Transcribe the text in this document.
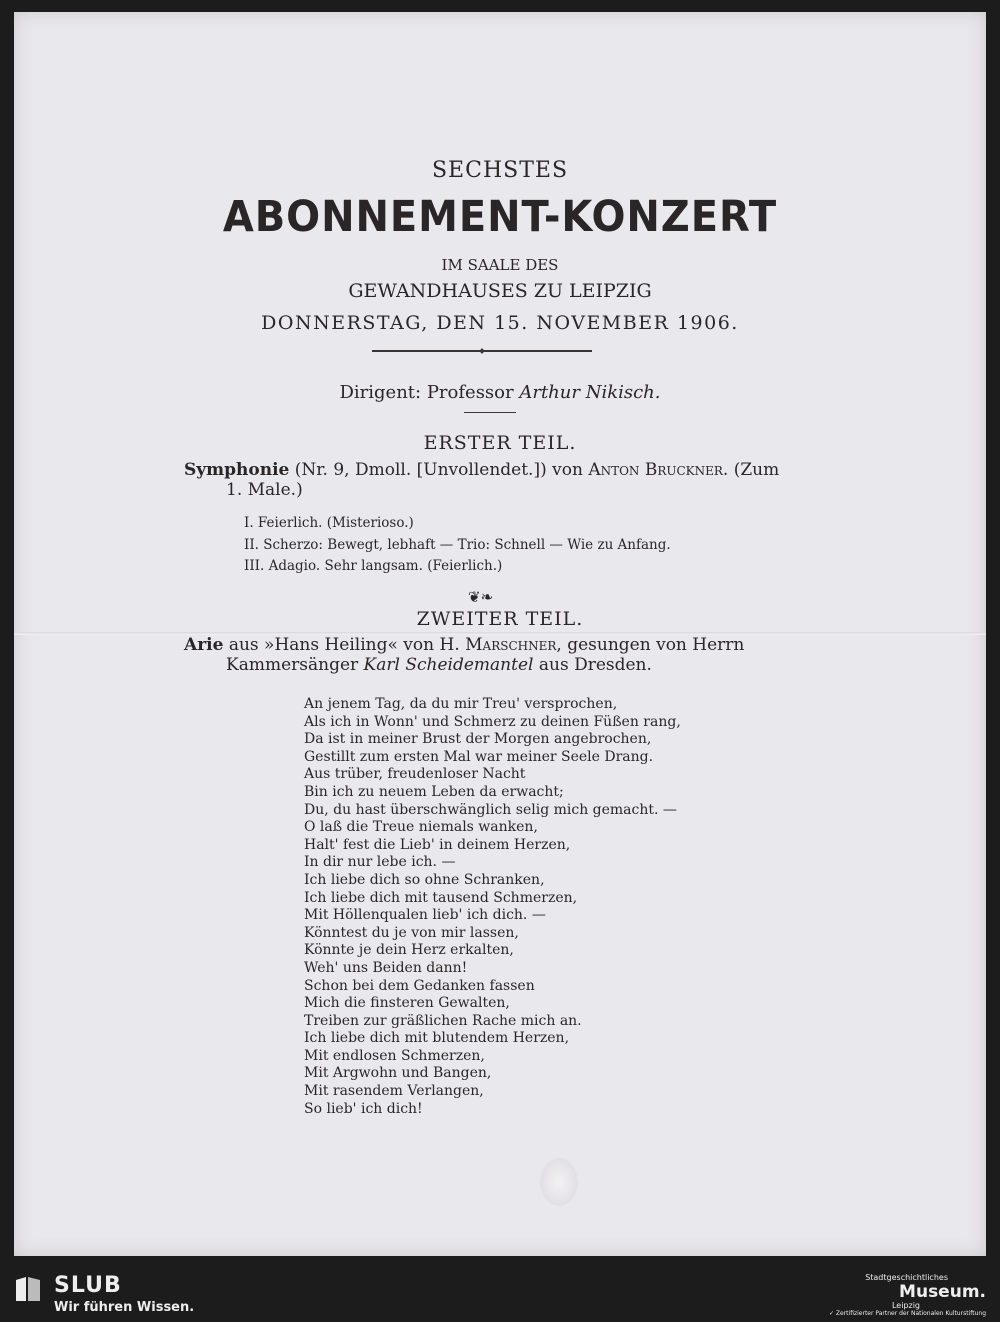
SECHSTES
ABONNEMENT-KONZERT
IM SAALE DES
GEWANDHAUSES ZU LEIPZIG
DONNERSTAG, DEN 15. NOVEMBER 1906.
Dirigent: Professor Arthur Nikisch.
ERSTER TEIL.
Symphonie (Nr. 9, Dmoll. [Unvollendet.]) von Anton Bruckner. (Zum
1. Male.)
I. Feierlich. (Misterioso.)
II. Scherzo: Bewegt, lebhaft — Trio: Schnell — Wie zu Anfang.
III. Adagio. Sehr langsam. (Feierlich.)
❦❧
ZWEITER TEIL.
Arie aus »Hans Heiling« von H. Marschner, gesungen von Herrn
Kammersänger Karl Scheidemantel aus Dresden.
An jenem Tag, da du mir Treu' versprochen,
Als ich in Wonn' und Schmerz zu deinen Füßen rang,
Da ist in meiner Brust der Morgen angebrochen,
Gestillt zum ersten Mal war meiner Seele Drang.
Aus trüber, freudenloser Nacht
Bin ich zu neuem Leben da erwacht;
Du, du hast überschwänglich selig mich gemacht. —
O laß die Treue niemals wanken,
Halt' fest die Lieb' in deinem Herzen,
In dir nur lebe ich. —
Ich liebe dich so ohne Schranken,
Ich liebe dich mit tausend Schmerzen,
Mit Höllenqualen lieb' ich dich. —
Könntest du je von mir lassen,
Könnte je dein Herz erkalten,
Weh' uns Beiden dann!
Schon bei dem Gedanken fassen
Mich die finsteren Gewalten,
Treiben zur gräßlichen Rache mich an.
Ich liebe dich mit blutendem Herzen,
Mit endlosen Schmerzen,
Mit Argwohn und Bangen,
Mit rasendem Verlangen,
So lieb' ich dich!
SLUB
Wir führen Wissen.
Stadtgeschichtliches
Museum.
Leipzig
✓ Zertifizierter Partner der Nationalen Kulturstiftung
